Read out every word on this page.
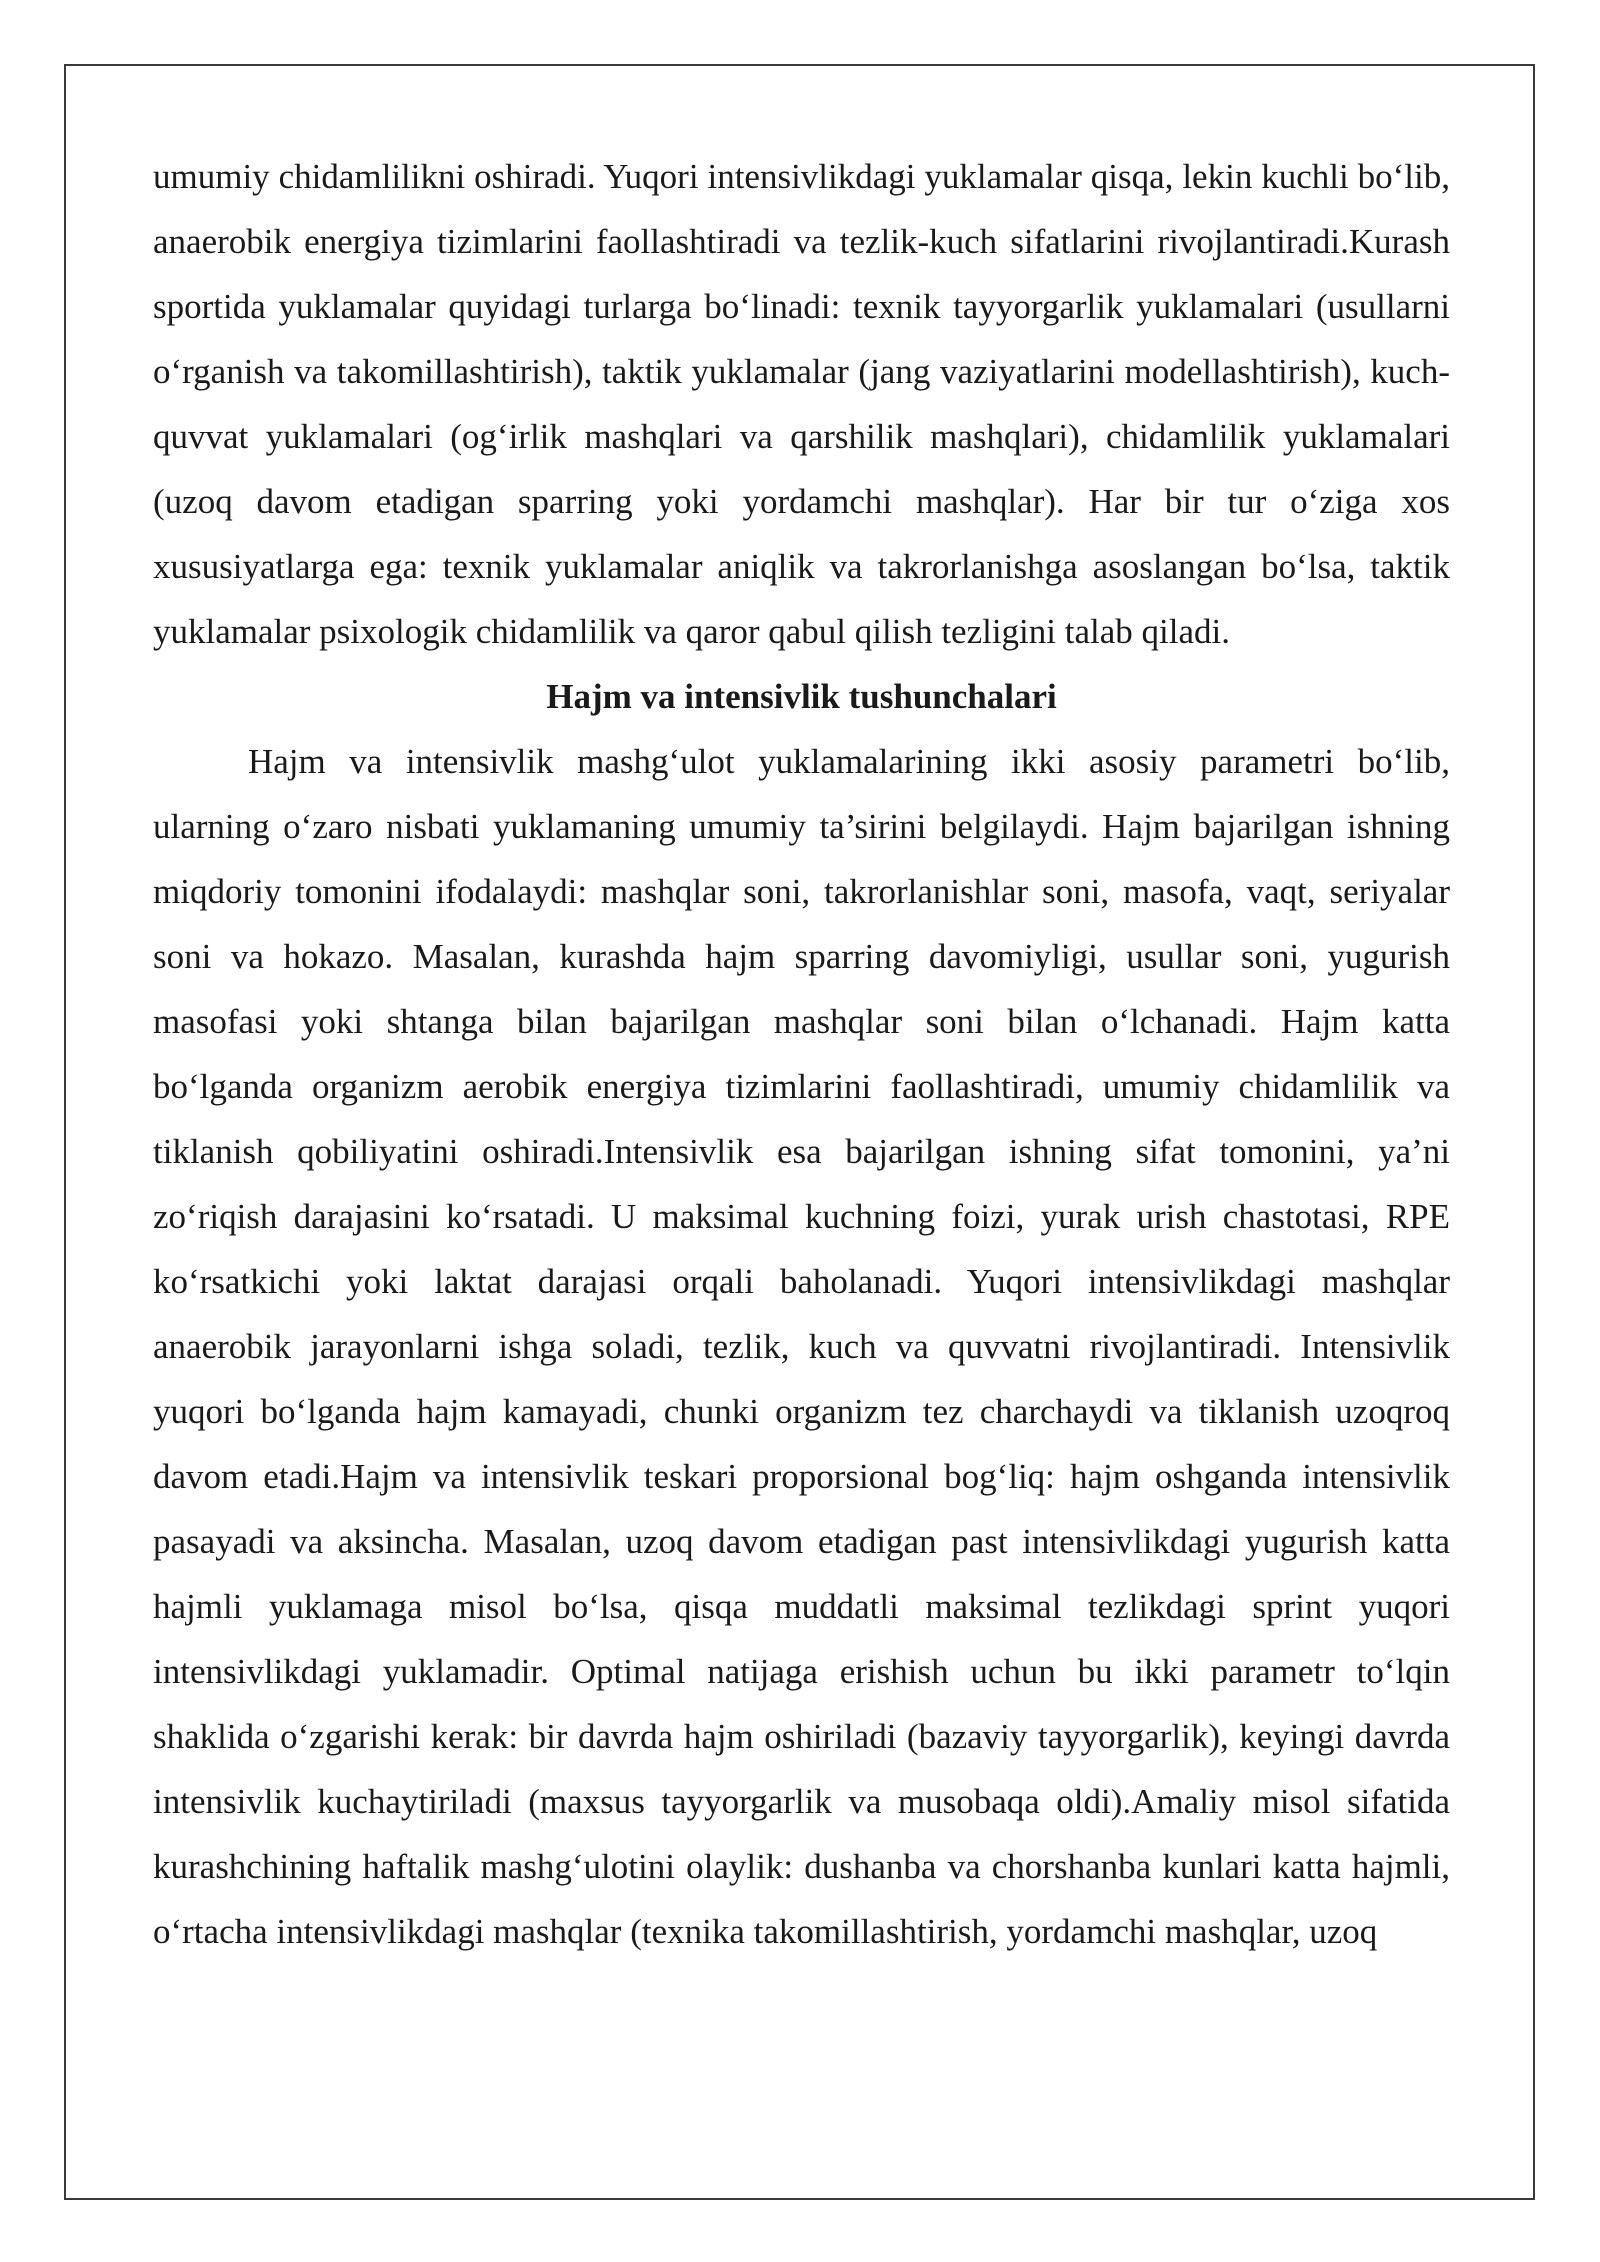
umumiy chidamlilikni oshiradi. Yuqori intensivlikdagi yuklamalar qisqa, lekin kuchli bo‘lib, anaerobik energiya tizimlarini faollashtiradi va tezlik-kuch sifatlarini rivojlantiradi.Kurash sportida yuklamalar quyidagi turlarga bo‘linadi: texnik tayyorgarlik yuklamalari (usullarni o‘rganish va takomillashtirish), taktik yuklamalar (jang vaziyatlarini modellashtirish), kuch-quvvat yuklamalari (og‘irlik mashqlari va qarshilik mashqlari), chidamlilik yuklamalari (uzoq davom etadigan sparring yoki yordamchi mashqlar). Har bir tur o‘ziga xos xususiyatlarga ega: texnik yuklamalar aniqlik va takrorlanishga asoslangan bo‘lsa, taktik yuklamalar psixologik chidamlilik va qaror qabul qilish tezligini talab qiladi.

Hajm va intensivlik tushunchalari

Hajm va intensivlik mashg‘ulot yuklamalarining ikki asosiy parametri bo‘lib, ularning o‘zaro nisbati yuklamaning umumiy ta’sirini belgilaydi. Hajm bajarilgan ishning miqdoriy tomonini ifodalaydi: mashqlar soni, takrorlanishlar soni, masofa, vaqt, seriyalar soni va hokazo. Masalan, kurashda hajm sparring davomiyligi, usullar soni, yugurish masofasi yoki shtanga bilan bajarilgan mashqlar soni bilan o‘lchanadi. Hajm katta bo‘lganda organizm aerobik energiya tizimlarini faollashtiradi, umumiy chidamlilik va tiklanish qobiliyatini oshiradi.Intensivlik esa bajarilgan ishning sifat tomonini, ya’ni zo‘riqish darajasini ko‘rsatadi. U maksimal kuchning foizi, yurak urish chastotasi, RPE ko‘rsatkichi yoki laktat darajasi orqali baholanadi. Yuqori intensivlikdagi mashqlar anaerobik jarayonlarni ishga soladi, tezlik, kuch va quvvatni rivojlantiradi. Intensivlik yuqori bo‘lganda hajm kamayadi, chunki organizm tez charchaydi va tiklanish uzoqroq davom etadi.Hajm va intensivlik teskari proporsional bog‘liq: hajm oshganda intensivlik pasayadi va aksincha. Masalan, uzoq davom etadigan past intensivlikdagi yugurish katta hajmli yuklamaga misol bo‘lsa, qisqa muddatli maksimal tezlikdagi sprint yuqori intensivlikdagi yuklamadir. Optimal natijaga erishish uchun bu ikki parametr to‘lqin shaklida o‘zgarishi kerak: bir davrda hajm oshiriladi (bazaviy tayyorgarlik), keyingi davrda intensivlik kuchaytiriladi (maxsus tayyorgarlik va musobaqa oldi).Amaliy misol sifatida kurashchining haftalik mashg‘ulotini olaylik: dushanba va chorshanba kunlari katta hajmli, o‘rtacha intensivlikdagi mashqlar (texnika takomillashtirish, yordamchi mashqlar, uzoq
